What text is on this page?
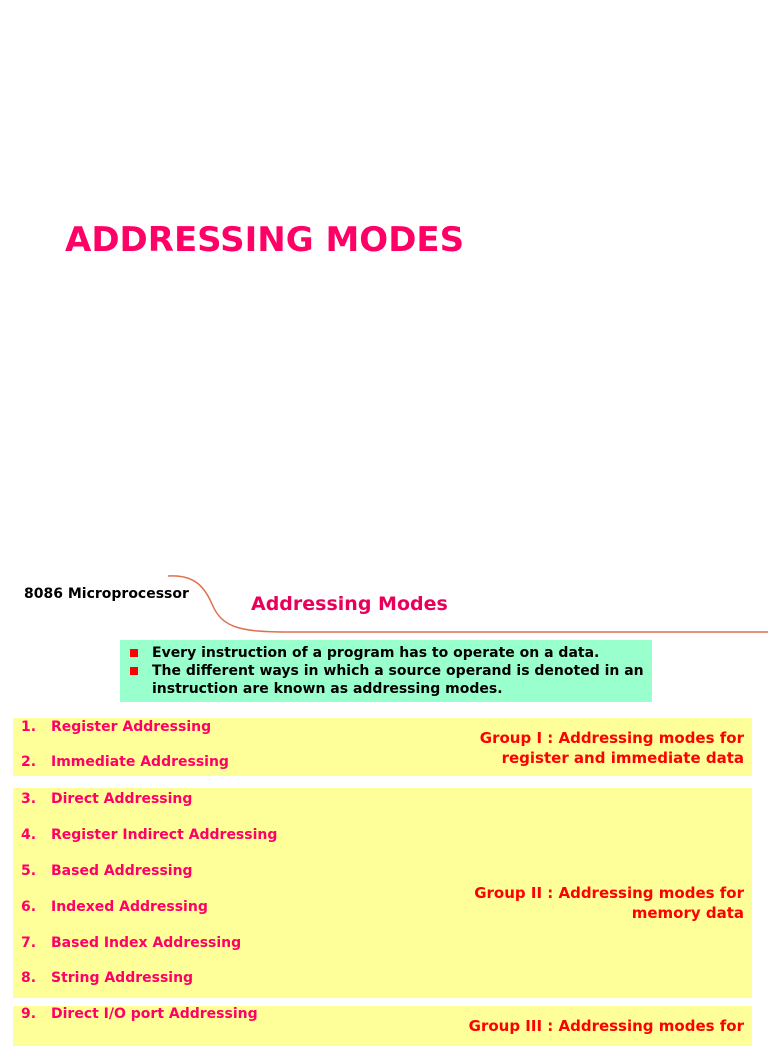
ADDRESSING MODES
8086 Microprocessor	Addressing Modes
Every instruction of a program has to operate on a data.
The different ways in which a source operand is denoted in an instruction are known as addressing modes.
1. Register Addressing
2. Immediate Addressing
Group I : Addressing modes for
register and immediate data
3. Direct Addressing
4. Register Indirect Addressing
5. Based Addressing
6. Indexed Addressing
7. Based Index Addressing
8. String Addressing
Group II : Addressing modes for
memory data
9. Direct I/O port Addressing
Group III : Addressing modes for
